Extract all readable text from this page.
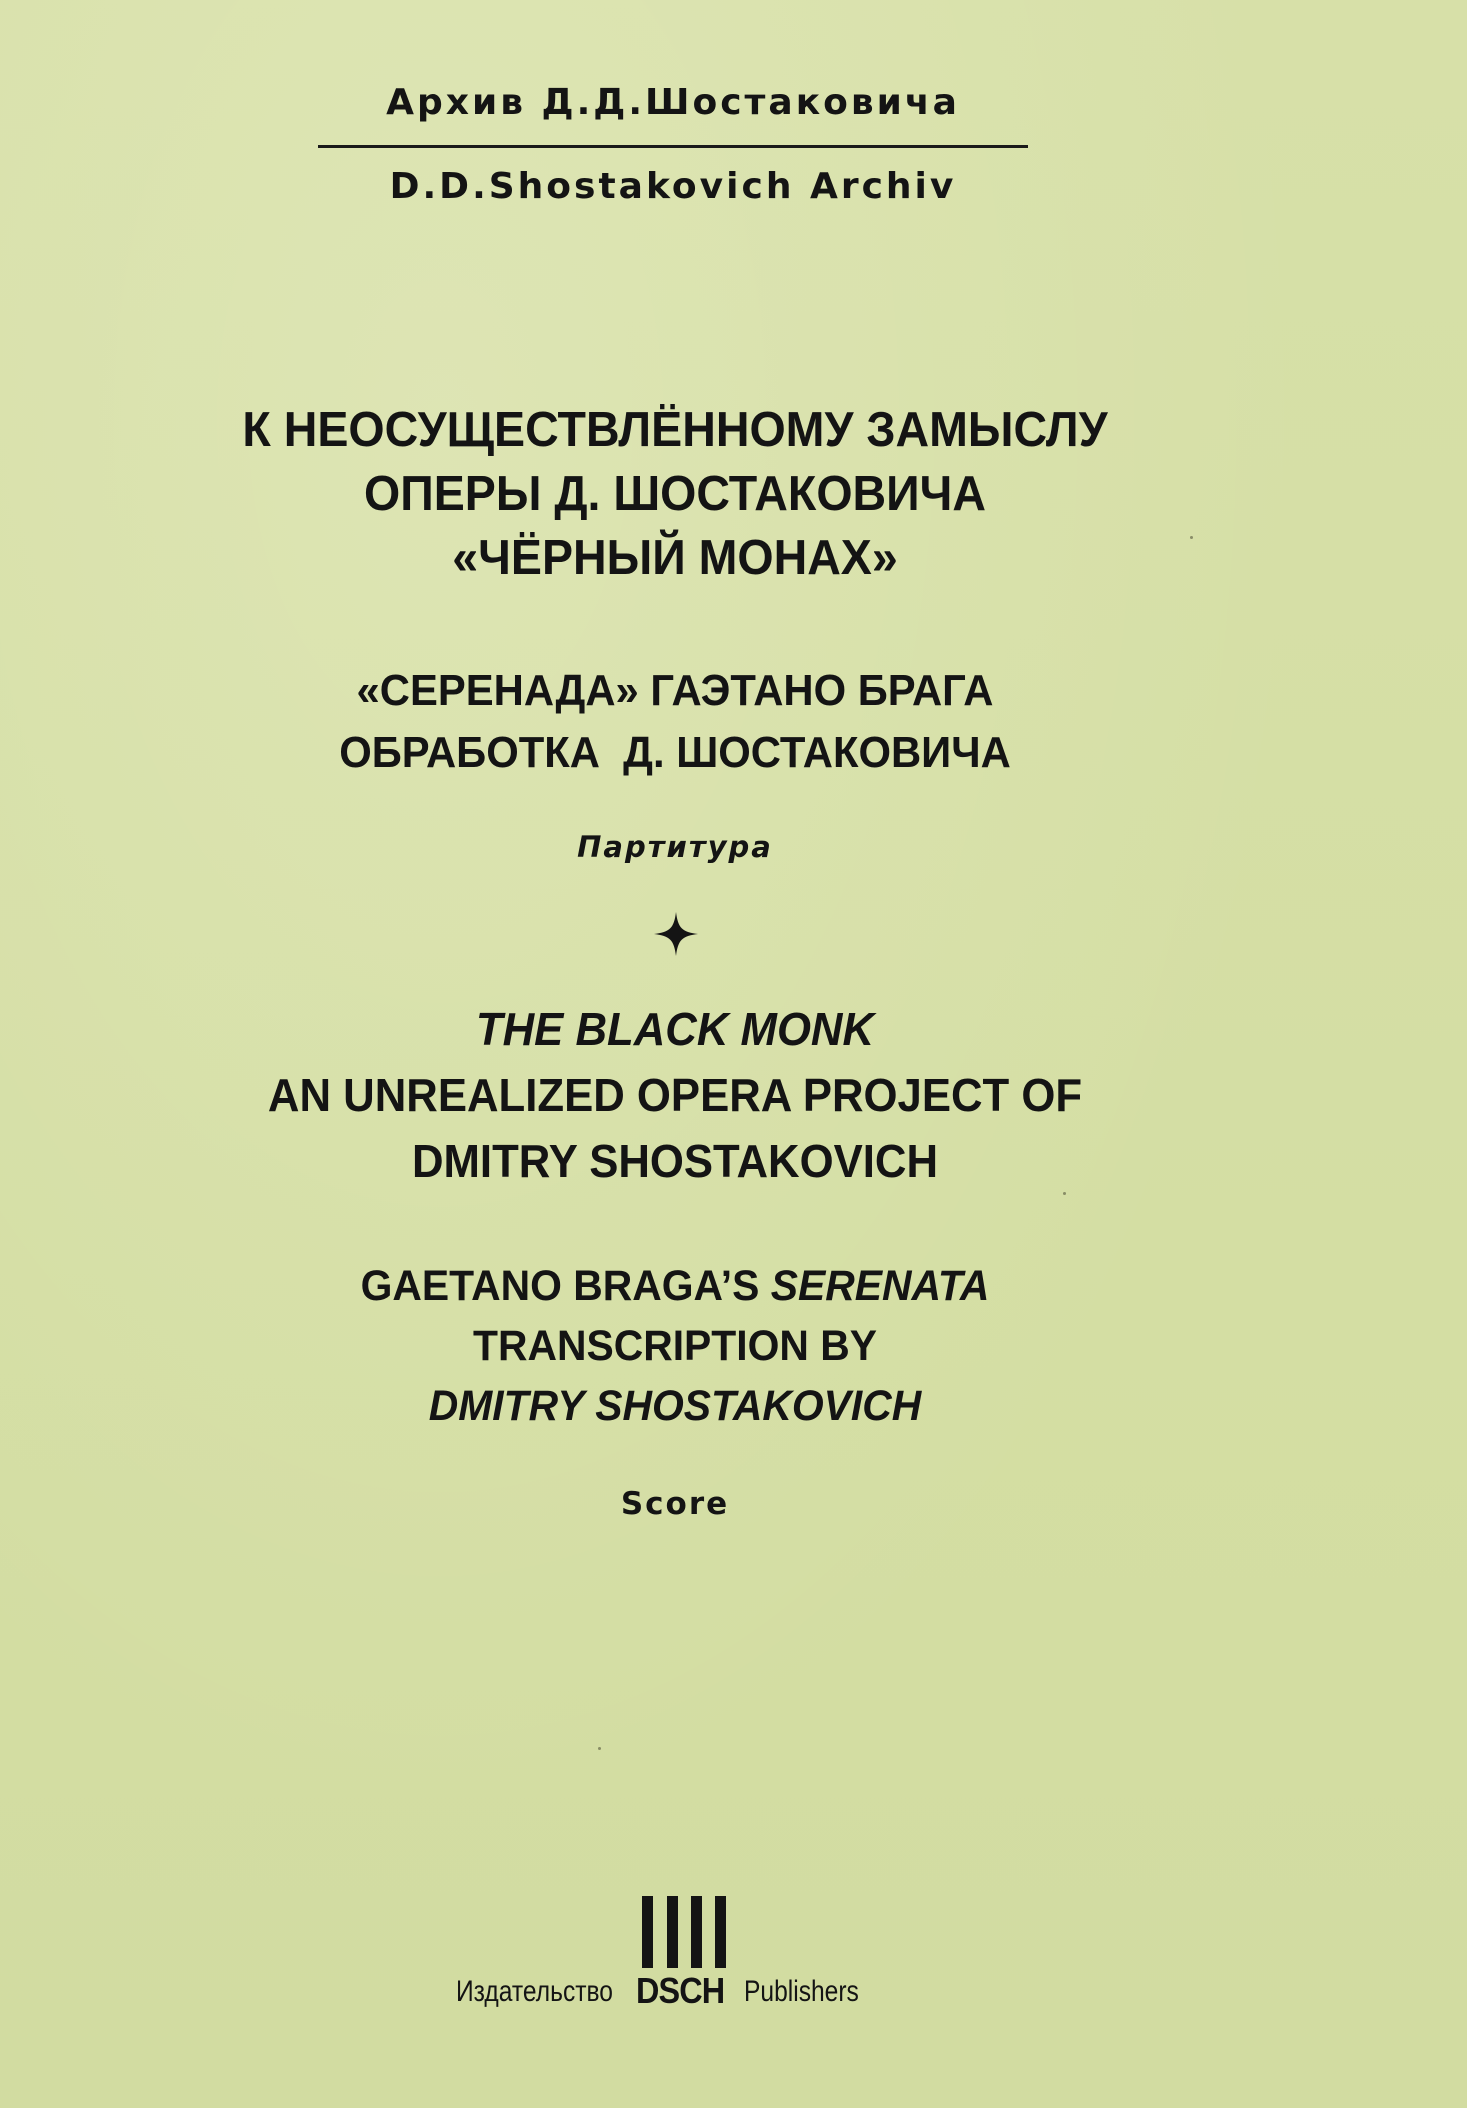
Архив Д.Д.Шостаковича
D.D.Shostakovich Archiv
К НЕОСУЩЕСТВЛЁННОМУ ЗАМЫСЛУ
ОПЕРЫ Д. ШОСТАКОВИЧА
«ЧЁРНЫЙ МОНАХ»
«СЕРЕНАДА» ГАЭТАНО БРАГА
ОБРАБОТКА  Д. ШОСТАКОВИЧА
Партитура
THE BLACK MONK
AN UNREALIZED OPERA PROJECT OF
DMITRY SHOSTAKOVICH
GAETANO BRAGA’S SERENATA
TRANSCRIPTION BY
DMITRY SHOSTAKOVICH
Score
Издательство DSCH Publishers
